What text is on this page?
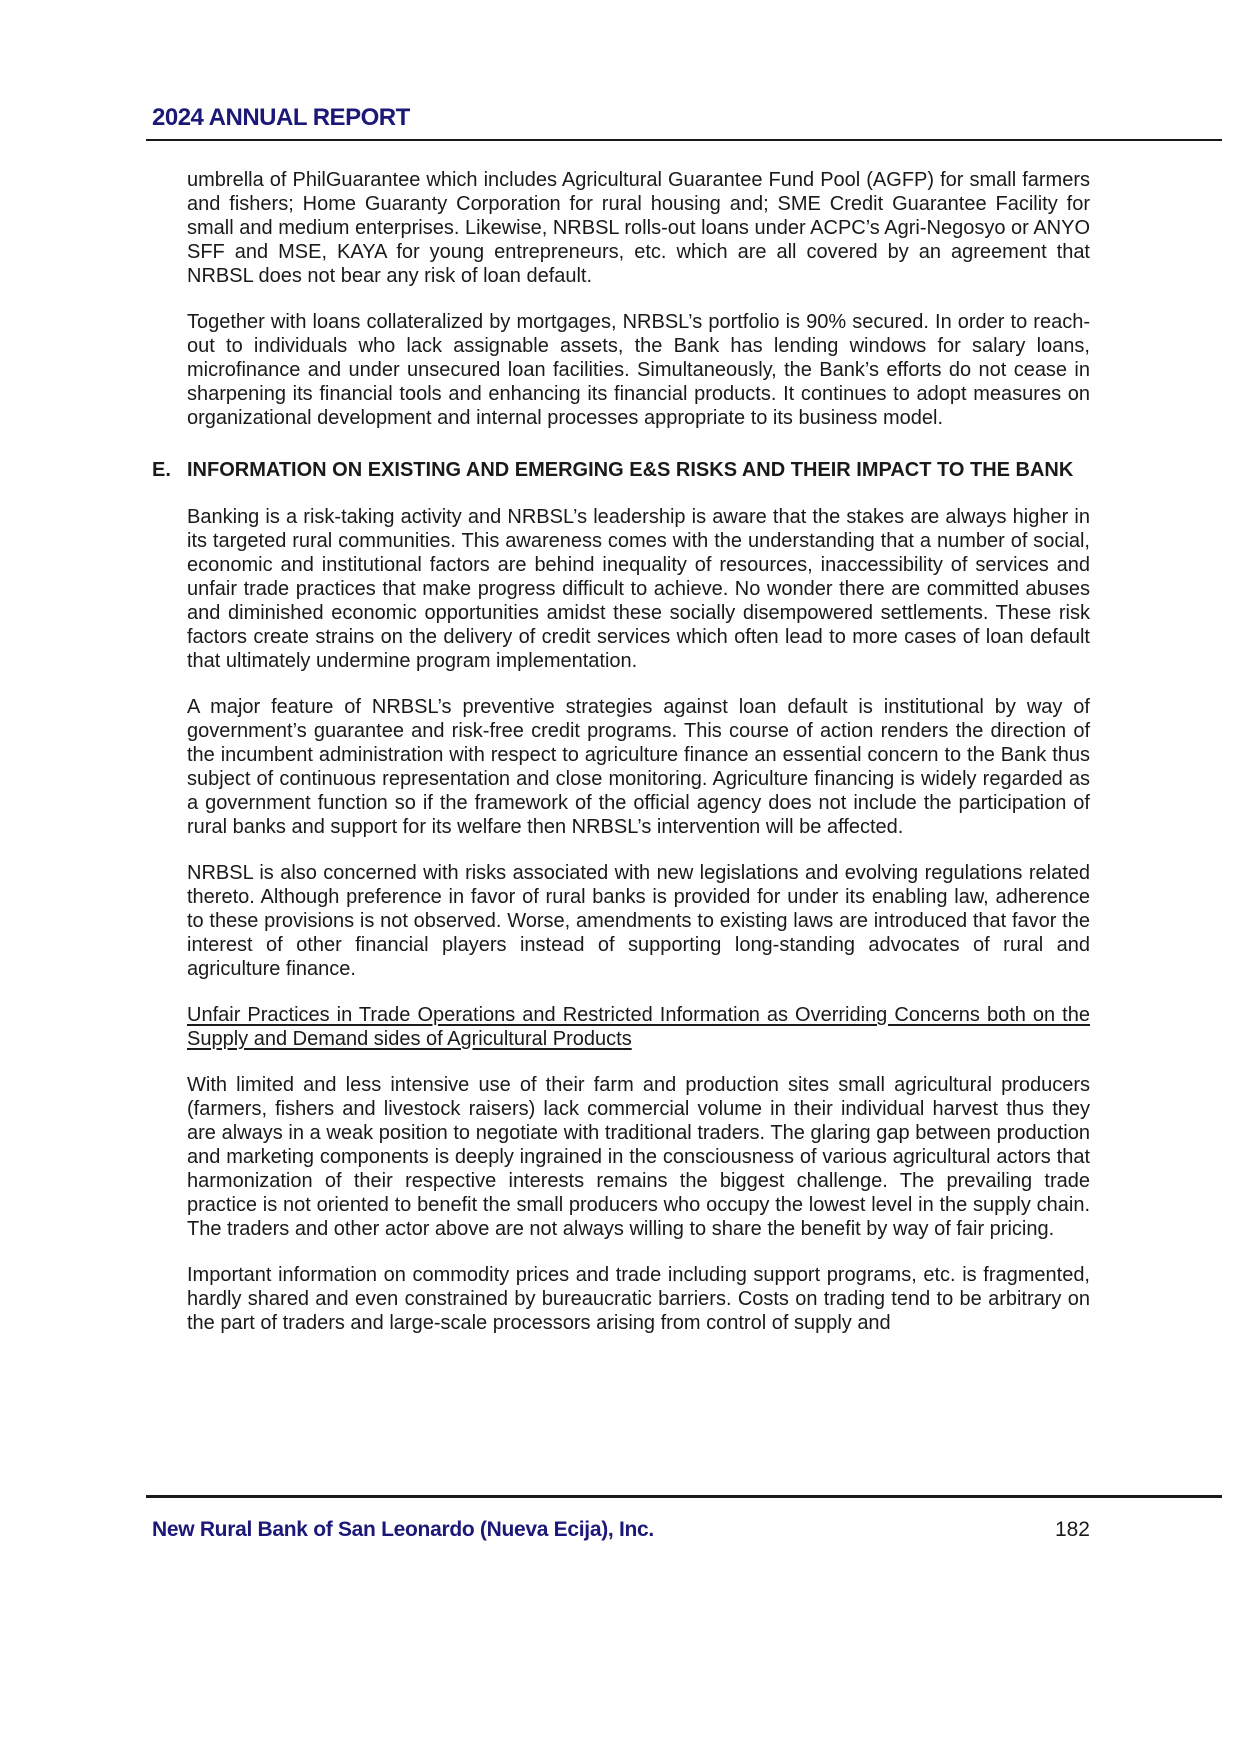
2024 ANNUAL REPORT

umbrella of PhilGuarantee which includes Agricultural Guarantee Fund Pool (AGFP) for small farmers and fishers; Home Guaranty Corporation for rural housing and; SME Credit Guarantee Facility for small and medium enterprises. Likewise, NRBSL rolls-out loans under ACPC’s Agri-Negosyo or ANYO SFF and MSE, KAYA for young entrepreneurs, etc. which are all covered by an agreement that NRBSL does not bear any risk of loan default.

Together with loans collateralized by mortgages, NRBSL’s portfolio is 90% secured. In order to reach-out to individuals who lack assignable assets, the Bank has lending windows for salary loans, microfinance and under unsecured loan facilities. Simultaneously, the Bank’s efforts do not cease in sharpening its financial tools and enhancing its financial products. It continues to adopt measures on organizational development and internal processes appropriate to its business model.

E. INFORMATION ON EXISTING AND EMERGING E&S RISKS AND THEIR IMPACT TO THE BANK

Banking is a risk-taking activity and NRBSL’s leadership is aware that the stakes are always higher in its targeted rural communities. This awareness comes with the understanding that a number of social, economic and institutional factors are behind inequality of resources, inaccessibility of services and unfair trade practices that make progress difficult to achieve. No wonder there are committed abuses and diminished economic opportunities amidst these socially disempowered settlements. These risk factors create strains on the delivery of credit services which often lead to more cases of loan default that ultimately undermine program implementation.

A major feature of NRBSL’s preventive strategies against loan default is institutional by way of government’s guarantee and risk-free credit programs. This course of action renders the direction of the incumbent administration with respect to agriculture finance an essential concern to the Bank thus subject of continuous representation and close monitoring. Agriculture financing is widely regarded as a government function so if the framework of the official agency does not include the participation of rural banks and support for its welfare then NRBSL’s intervention will be affected.

NRBSL is also concerned with risks associated with new legislations and evolving regulations related thereto. Although preference in favor of rural banks is provided for under its enabling law, adherence to these provisions is not observed. Worse, amendments to existing laws are introduced that favor the interest of other financial players instead of supporting long-standing advocates of rural and agriculture finance.

Unfair Practices in Trade Operations and Restricted Information as Overriding Concerns both on the Supply and Demand sides of Agricultural Products

With limited and less intensive use of their farm and production sites small agricultural producers (farmers, fishers and livestock raisers) lack commercial volume in their individual harvest thus they are always in a weak position to negotiate with traditional traders. The glaring gap between production and marketing components is deeply ingrained in the consciousness of various agricultural actors that harmonization of their respective interests remains the biggest challenge. The prevailing trade practice is not oriented to benefit the small producers who occupy the lowest level in the supply chain. The traders and other actor above are not always willing to share the benefit by way of fair pricing.

Important information on commodity prices and trade including support programs, etc. is fragmented, hardly shared and even constrained by bureaucratic barriers. Costs on trading tend to be arbitrary on the part of traders and large-scale processors arising from control of supply and

New Rural Bank of San Leonardo (Nueva Ecija), Inc.	182
